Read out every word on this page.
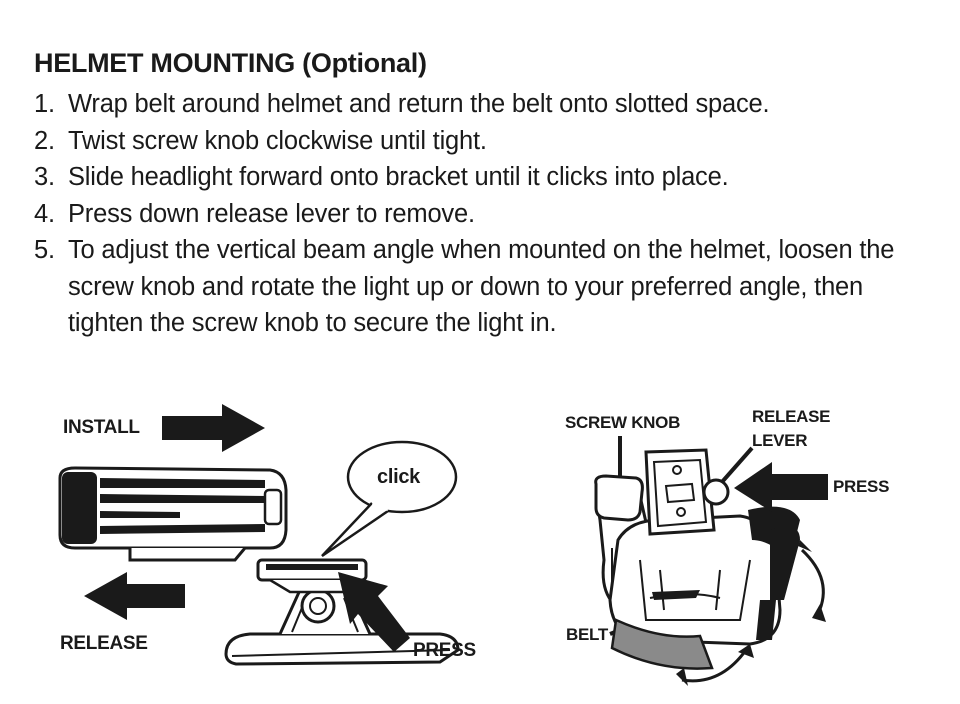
HELMET MOUNTING (Optional)
1. Wrap belt around helmet and return the belt onto slotted space.
2. Twist screw knob clockwise until tight.
3. Slide headlight forward onto bracket until it clicks into place.
4. Press down release lever to remove.
5. To adjust the vertical beam angle when mounted on the helmet, loosen the screw knob and rotate the light up or down to your preferred angle, then tighten the screw knob to secure the light in.
INSTALL
RELEASE
click
PRESS
SCREW KNOB	RELEASE
LEVER
PRESS
BELT
